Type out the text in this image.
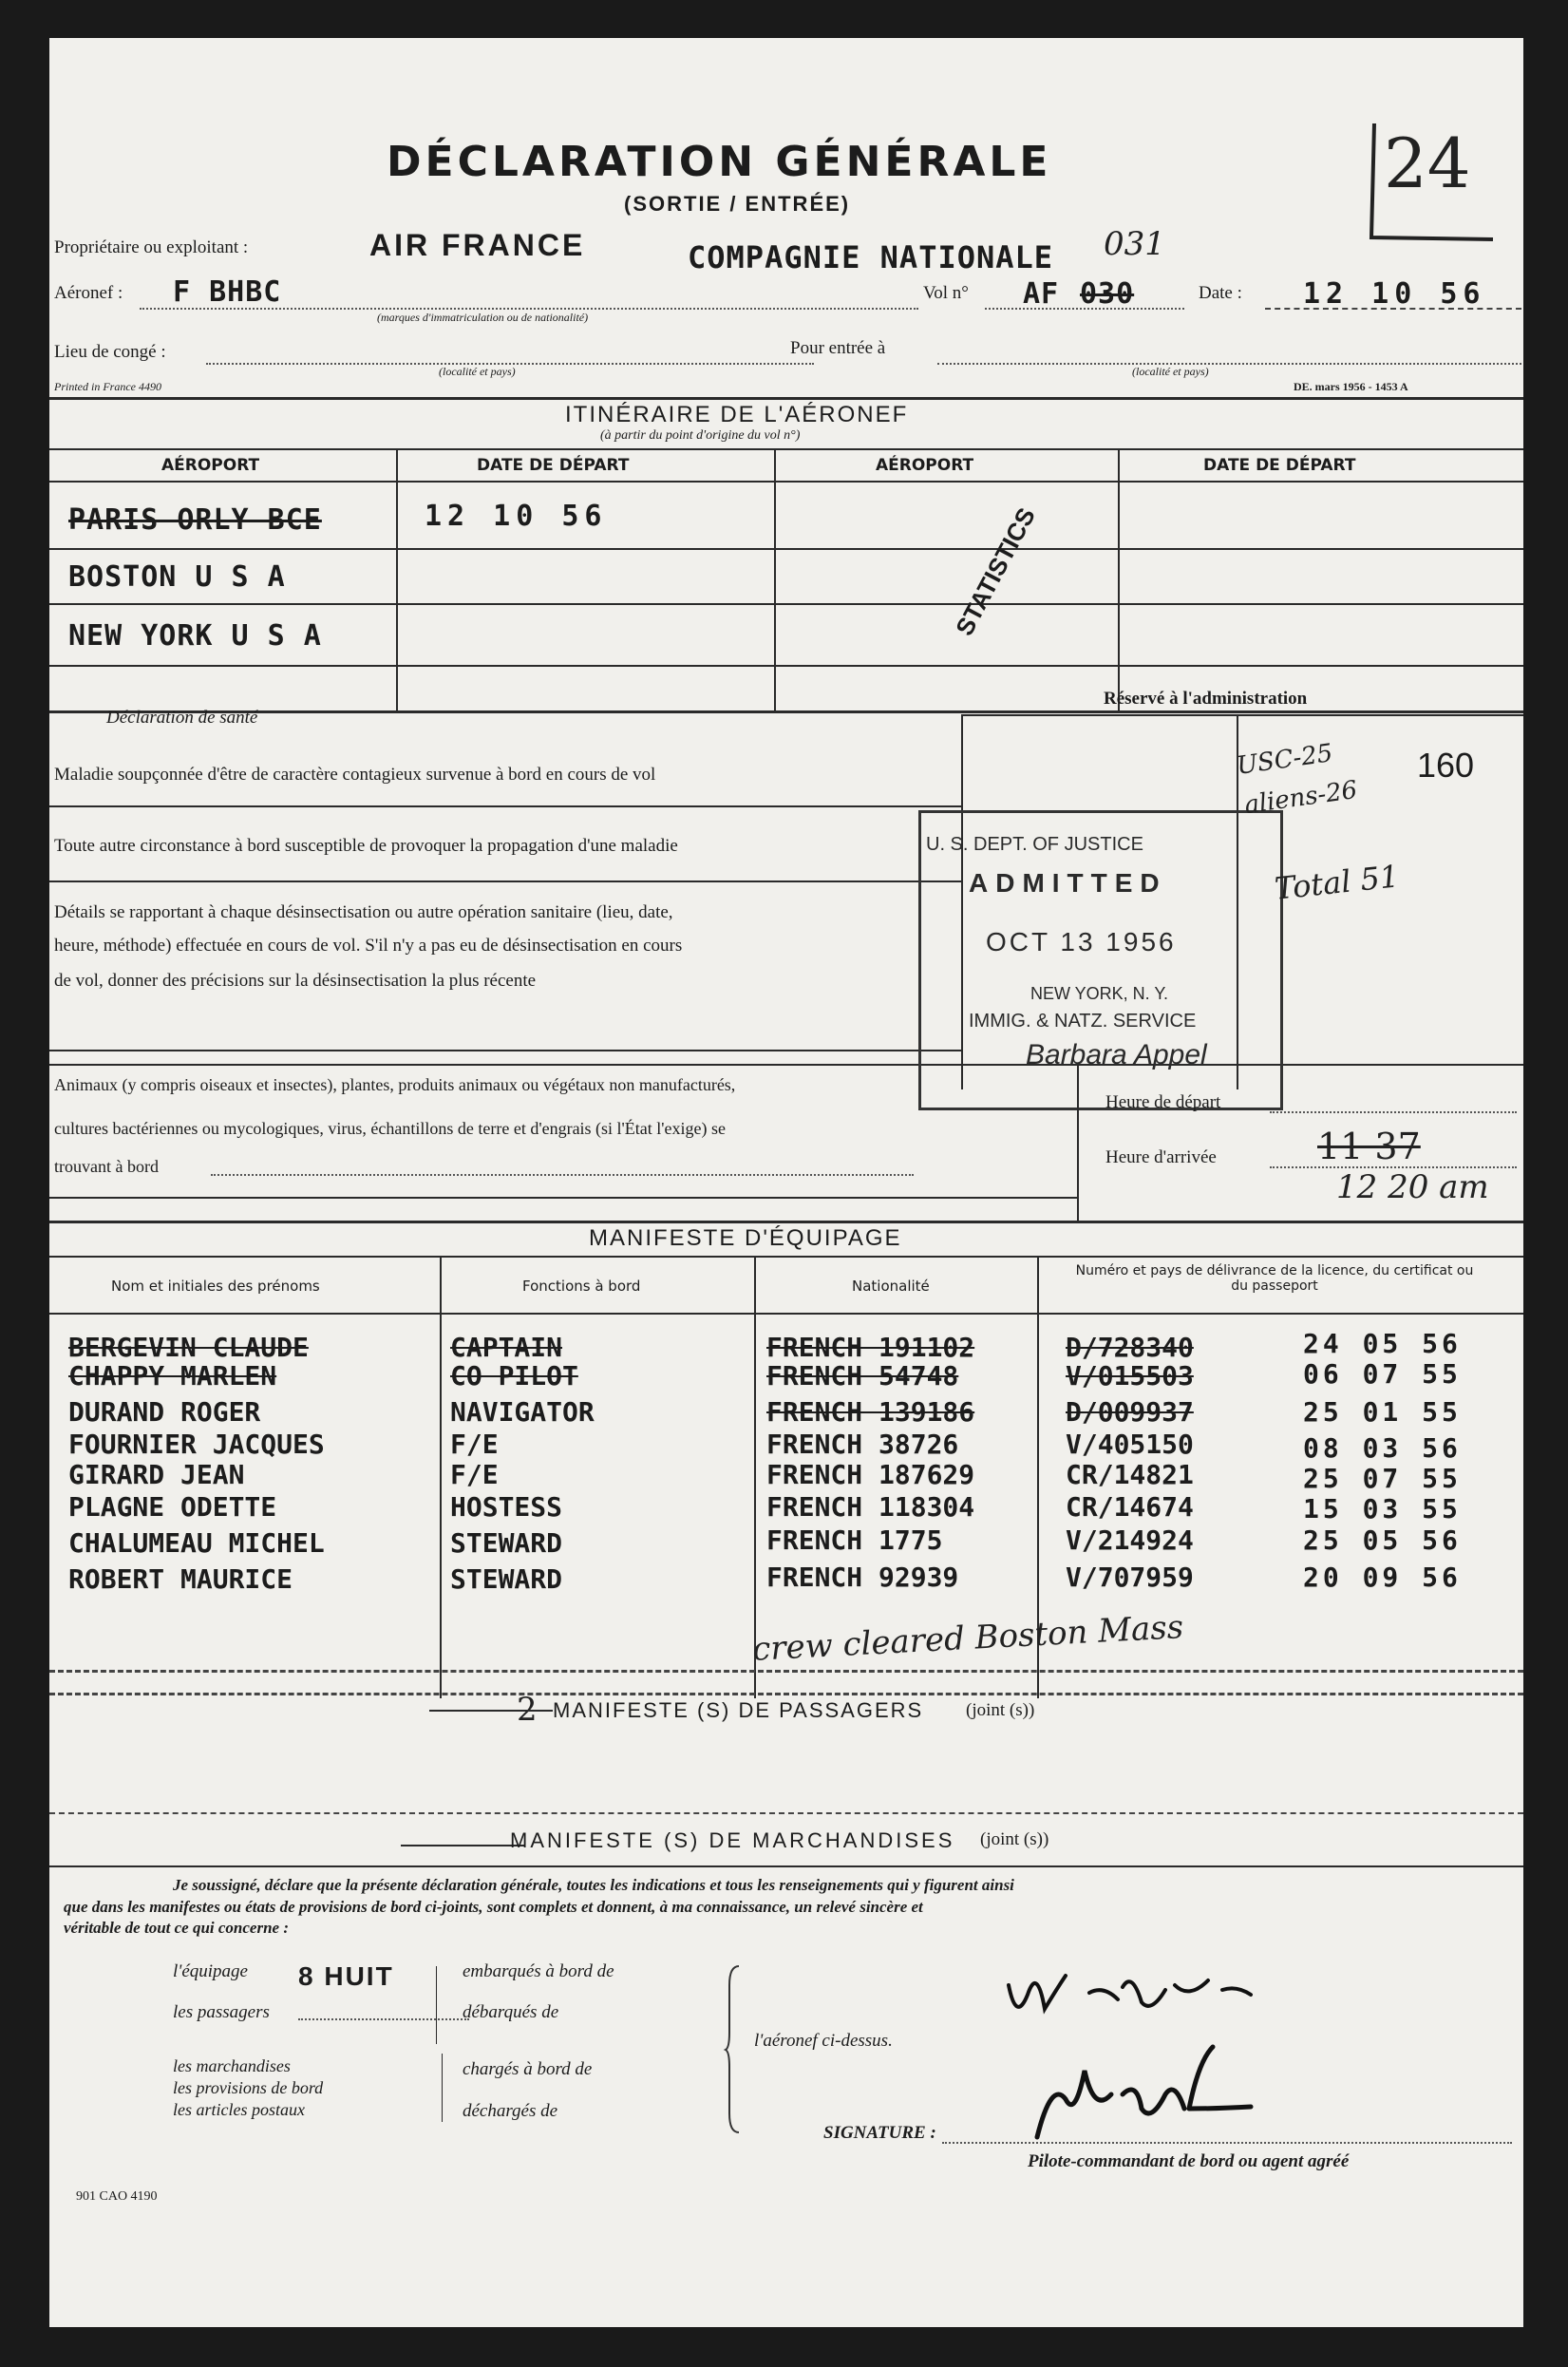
24
DÉCLARATION GÉNÉRALE
(SORTIE / ENTRÉE)
Propriétaire ou exploitant :	AIR FRANCE	COMPAGNIE NATIONALE 031
Aéronef : F BHBC	Vol n° AF 030	Date : 12 10 56
(marques d'immatriculation ou de nationalité)
Lieu de congé :	Pour entrée à
(localité et pays)	(localité et pays)
Printed in France 4490	DE. mars 1956 - 1453 A
ITINÉRAIRE DE L'AÉRONEF
(à partir du point d'origine du vol n°)
AÉROPORT	DATE DE DÉPART	AÉROPORT	DATE DE DÉPART
PARIS ORLY BCE	12 10 56
BOSTON U S A
NEW YORK U S A	STATISTICS
Déclaration de santé
Réservé à l'administration
Maladie soupçonnée d'être de caractère contagieux survenue à bord en cours de vol
Toute autre circonstance à bord susceptible de provoquer la propagation d'une maladie
Détails se rapportant à chaque désinsectisation ou autre opération sanitaire (lieu, date,
heure, méthode) effectuée en cours de vol. S'il n'y a pas eu de désinsectisation en cours
de vol, donner des précisions sur la désinsectisation la plus récente
U. S. DEPT. OF JUSTICE
ADMITTED
OCT 13 1956
NEW YORK, N. Y.
IMMIG. & NATZ. SERVICE
Barbara Appel
USC-25
aliens-26
160
Total 51
Animaux (y compris oiseaux et insectes), plantes, produits animaux ou végétaux non manufacturés,
cultures bactériennes ou mycologiques, virus, échantillons de terre et d'engrais (si l'État l'exige) se
trouvant à bord
Heure de départ
Heure d'arrivée	11 37
12 20 am
MANIFESTE D'ÉQUIPAGE
Nom et initiales des prénoms	Fonctions à bord	Nationalité
Numéro et pays de délivrance de la licence, du certificat ou du passeport
BERGEVIN CLAUDE	CAPTAIN	FRENCH 191102	D/728340	24 05 56
CHAPPY MARLEN	CO PILOT	FRENCH 54748	V/015503	06 07 55
DURAND ROGER	NAVIGATOR	FRENCH 139186	D/009937	25 01 55
FOURNIER JACQUES	F/E	FRENCH 38726	V/405150	08 03 56
GIRARD JEAN	F/E	FRENCH 187629	CR/14821	25 07 55
PLAGNE ODETTE	HOSTESS	FRENCH 118304	CR/14674	15 03 55
CHALUMEAU MICHEL	STEWARD	FRENCH 1775	V/214924	25 05 56
ROBERT MAURICE	STEWARD	FRENCH 92939	V/707959	20 09 56
crew cleared Boston Mass
2 MANIFESTE (S) DE PASSAGERS (joint (s))
MANIFESTE (S) DE MARCHANDISES (joint (s))
Je soussigné, déclare que la présente déclaration générale, toutes les indications et tous les renseignements qui y figurent ainsi
que dans les manifestes ou états de provisions de bord ci-joints, sont complets et donnent, à ma connaissance, un relevé sincère et
véritable de tout ce qui concerne :
l'équipage 8 HUIT
les passagers
les marchandises
les provisions de bord
les articles postaux
embarqués à bord de
débarqués de
chargés à bord de
déchargés de
l'aéronef ci-dessus.
SIGNATURE :
Pilote-commandant de bord ou agent agréé
901 CAO 4190
